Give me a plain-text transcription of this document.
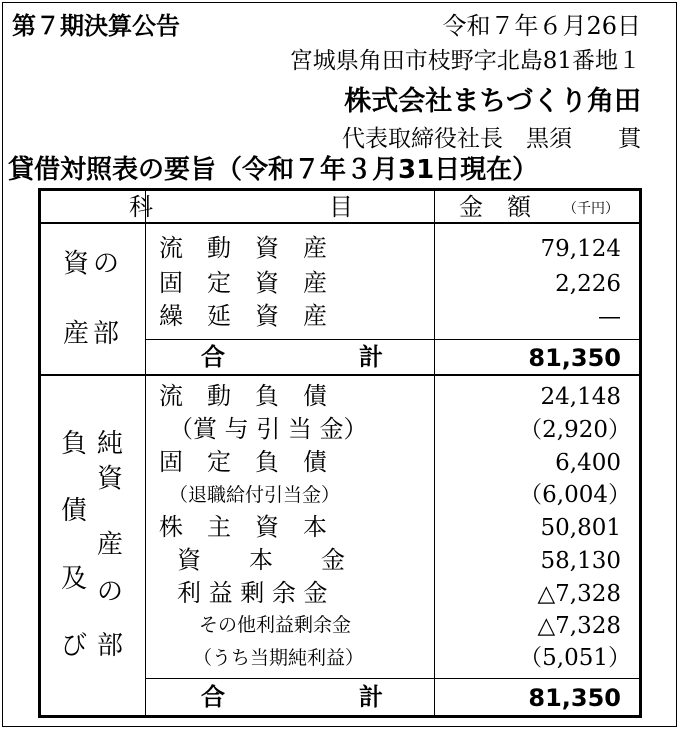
第７期決算公告	令和７年６月26日
宮城県角田市枝野字北島81番地１
株式会社まちづくり角田
代表取締役社長　黒須　　貫
貸借対照表の要旨（令和７年３月31日現在）
科	目	金　額 （千円）
資の
産部
流　動　資　産	79,124
固　定　資　産	2,226
繰　延　資　産	—
合	計	81,350
負
債
及
び
純
資
産
の
部
流　動　負　債	24,148
（賞 与 引 当 金）	（2,920）
固　定　負　債	6,400
（退職給付引当金）	（6,004）
株　主　資　本	50,801
資　　本　　金	58,130
利 益 剰 余 金	△7,328
その他利益剰余金	△7,328
（うち当期純利益）	（5,051）
合	計	81,350
